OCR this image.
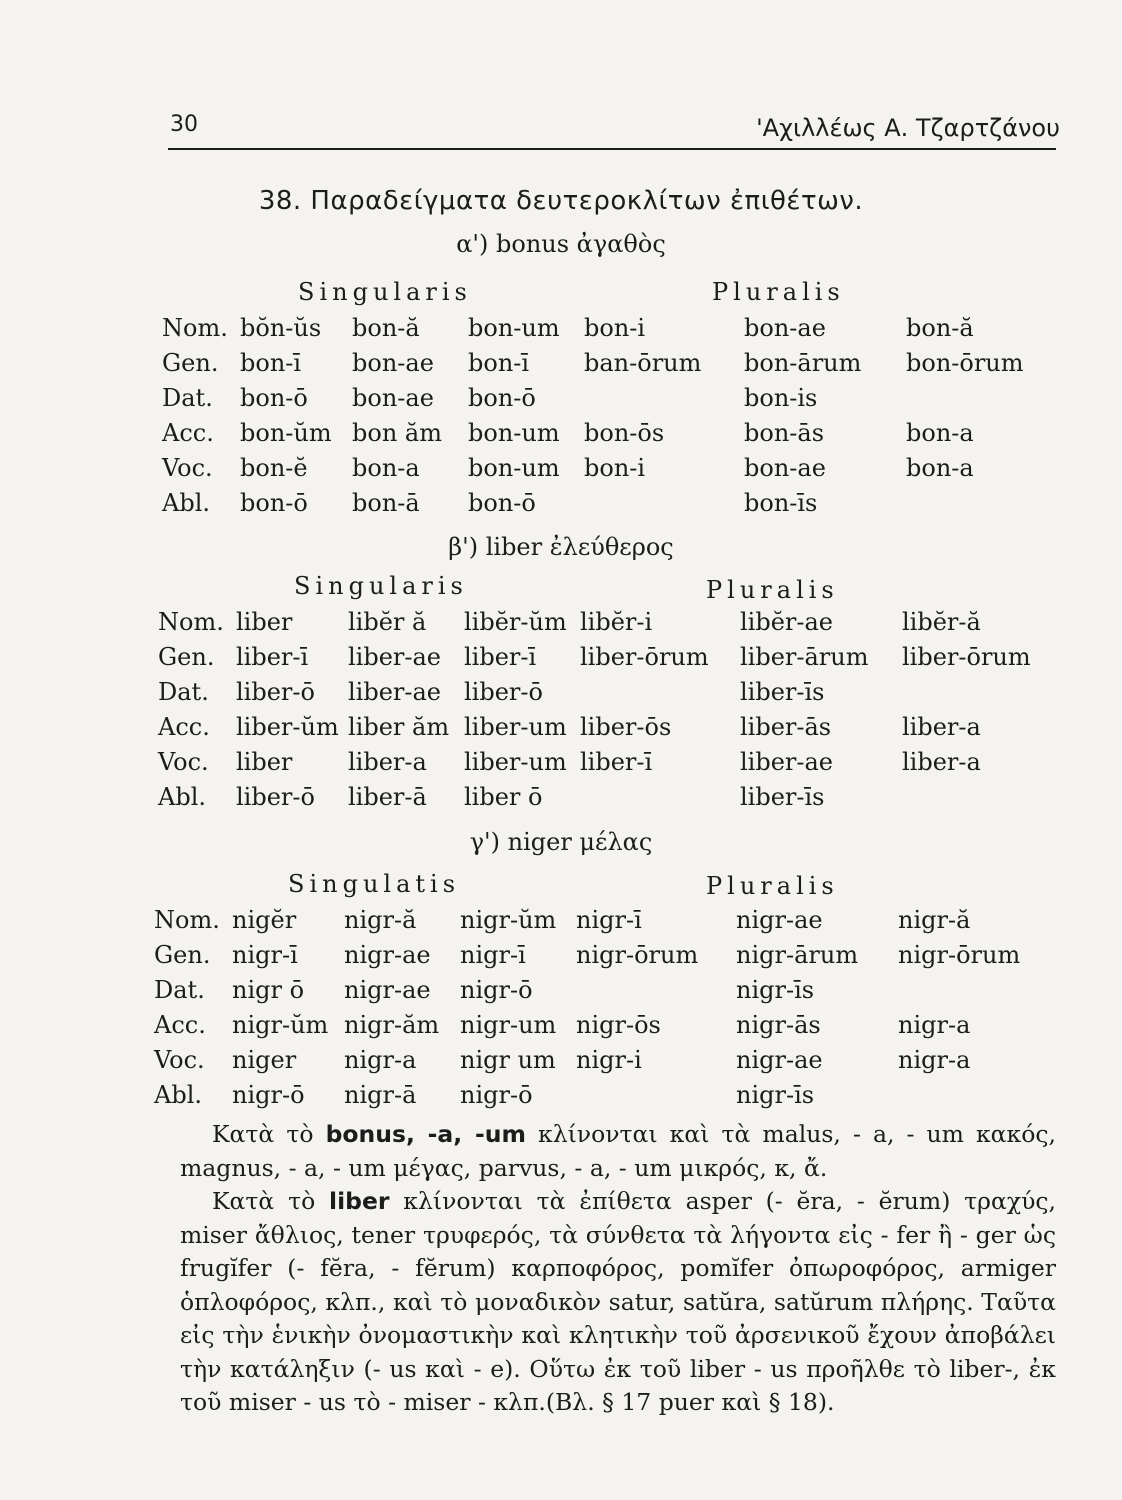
30	'Αχιλλέως Α. Τζαρτζάνου
38. Παραδείγματα δευτεροκλίτων ἐπιθέτων.
α') bonus ἀγαθὸς
Singularis	Pluralis
Nom.	bŏn-ŭs	bon-ă	bon-um	bon-i	bon-ae	bon-ă
Gen.	bon-ī	bon-ae	bon-ī	ban-ōrum	bon-ārum	bon-ōrum
Dat.	bon-ō	bon-ae	bon-ō		bon-is	
Acc.	bon-ŭm	bon ăm	bon-um	bon-ōs	bon-ās	bon-a
Voc.	bon-ĕ	bon-a	bon-um	bon-i	bon-ae	bon-a
Abl.	bon-ō	bon-ā	bon-ō		bon-īs	
β') liber ἐλεύθερος
Singularis	Pluralis
Nom.	liber	libĕr ă	libĕr-ŭm	libĕr-i	libĕr-ae	libĕr-ă
Gen.	liber-ī	liber-ae	liber-ī	liber-ōrum	liber-ārum	liber-ōrum
Dat.	liber-ō	liber-ae	liber-ō		liber-īs	
Acc.	liber-ŭm	liber ăm	liber-um	liber-ōs	liber-ās	liber-a
Voc.	liber	liber-a	liber-um	liber-ī	liber-ae	liber-a
Abl.	liber-ō	liber-ā	liber ō		liber-īs	
γ') niger μέλας
Singulatis	Pluralis
Nom.	nigĕr	nigr-ă	nigr-ŭm	nigr-ī	nigr-ae	nigr-ă
Gen.	nigr-ī	nigr-ae	nigr-ī	nigr-ōrum	nigr-ārum	nigr-ōrum
Dat.	nigr ō	nigr-ae	nigr-ō		nigr-īs	
Acc.	nigr-ŭm	nigr-ăm	nigr-um	nigr-ōs	nigr-ās	nigr-a
Voc.	niger	nigr-a	nigr um	nigr-i	nigr-ae	nigr-a
Abl.	nigr-ō	nigr-ā	nigr-ō		nigr-īs	

Κατὰ τὸ bonus, -a, -um κλίνονται καὶ τὰ malus, - a, - um κακός, magnus, - a, - um μέγας, parvus, - a, - um μικρός, κ, ἄ.

Κατὰ τὸ liber κλίνονται τὰ ἐπίθετα asper (- ĕra, - ĕrum) τραχύς, miser ἄθλιος, tener τρυφερός, τὰ σύνθετα τὰ λήγοντα εἰς - fer ἢ - ger ὡς frugĭfer (- fĕra, - fĕrum) καρποφόρος, pomĭfer ὀπωροφόρος, armiger ὁπλοφόρος, κλπ., καὶ τὸ μοναδικὸν satur, satŭra, satŭrum πλήρης. Ταῦτα εἰς τὴν ἑνικὴν ὀνομαστικὴν καὶ κλητικὴν τοῦ ἀρσενικοῦ ἔχουν ἀποβάλει τὴν κατάληξιν (- us καὶ - e). Οὕτω ἐκ τοῦ liber - us προῆλθε τὸ liber-, ἐκ τοῦ miser - us τὸ - miser - κλπ.(Βλ. § 17 puer καὶ § 18).
